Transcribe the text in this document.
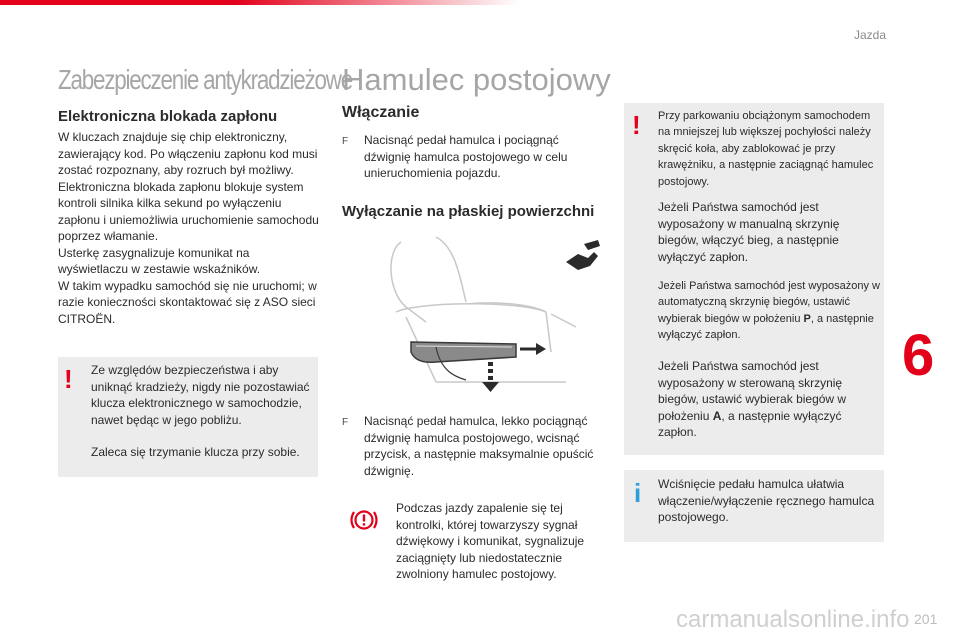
Jazda
Zabezpieczenie antykradzieżowe
Elektroniczna blokada zapłonu

W kluczach znajduje się chip elektroniczny, zawierający kod. Po włączeniu zapłonu kod musi zostać rozpoznany, aby rozruch był możliwy.

Elektroniczna blokada zapłonu blokuje system kontroli silnika kilka sekund po wyłączeniu zapłonu i uniemożliwia uruchomienie samochodu poprzez włamanie.

Usterkę zasygnalizuje komunikat na wyświetlaczu w zestawie wskaźników.

W takim wypadku samochód się nie uruchomi; w razie konieczności skontaktować się z ASO sieci CITROËN.

! Ze względów bezpieczeństwa i aby uniknąć kradzieży, nigdy nie pozostawiać klucza elektronicznego w samochodzie, nawet będąc w jego pobliżu.

Zaleca się trzymanie klucza przy sobie.

Hamulec postojowy
Włączanie
F	Nacisnąć pedał hamulca i pociągnąć dźwignię hamulca postojowego w celu unieruchomienia pojazdu.
Wyłączanie na płaskiej powierzchni
F	Nacisnąć pedał hamulca, lekko pociągnąć dźwignię hamulca postojowego, wcisnąć przycisk, a następnie maksymalnie opuścić dźwignię.
Podczas jazdy zapalenie się tej kontrolki, której towarzyszy sygnał dźwiękowy i komunikat, sygnalizuje zaciągnięty lub niedostatecznie zwolniony hamulec postojowy.
! Przy parkowaniu obciążonym samochodem na mniejszej lub większej pochyłości należy skręcić koła, aby zablokować je przy krawężniku, a następnie zaciągnąć hamulec postojowy.
Jeżeli Państwa samochód jest wyposażony w manualną skrzynię biegów, włączyć bieg, a następnie wyłączyć zapłon.
Jeżeli Państwa samochód jest wyposażony w automatyczną skrzynię biegów, ustawić wybierak biegów w położeniu P, a następnie wyłączyć zapłon.
Jeżeli Państwa samochód jest wyposażony w sterowaną skrzynię biegów, ustawić wybierak biegów w położeniu A, a następnie wyłączyć zapłon.
i Wciśnięcie pedału hamulca ułatwia włączenie/wyłączenie ręcznego hamulca postojowego.
6
carmanualsonline.info 201
